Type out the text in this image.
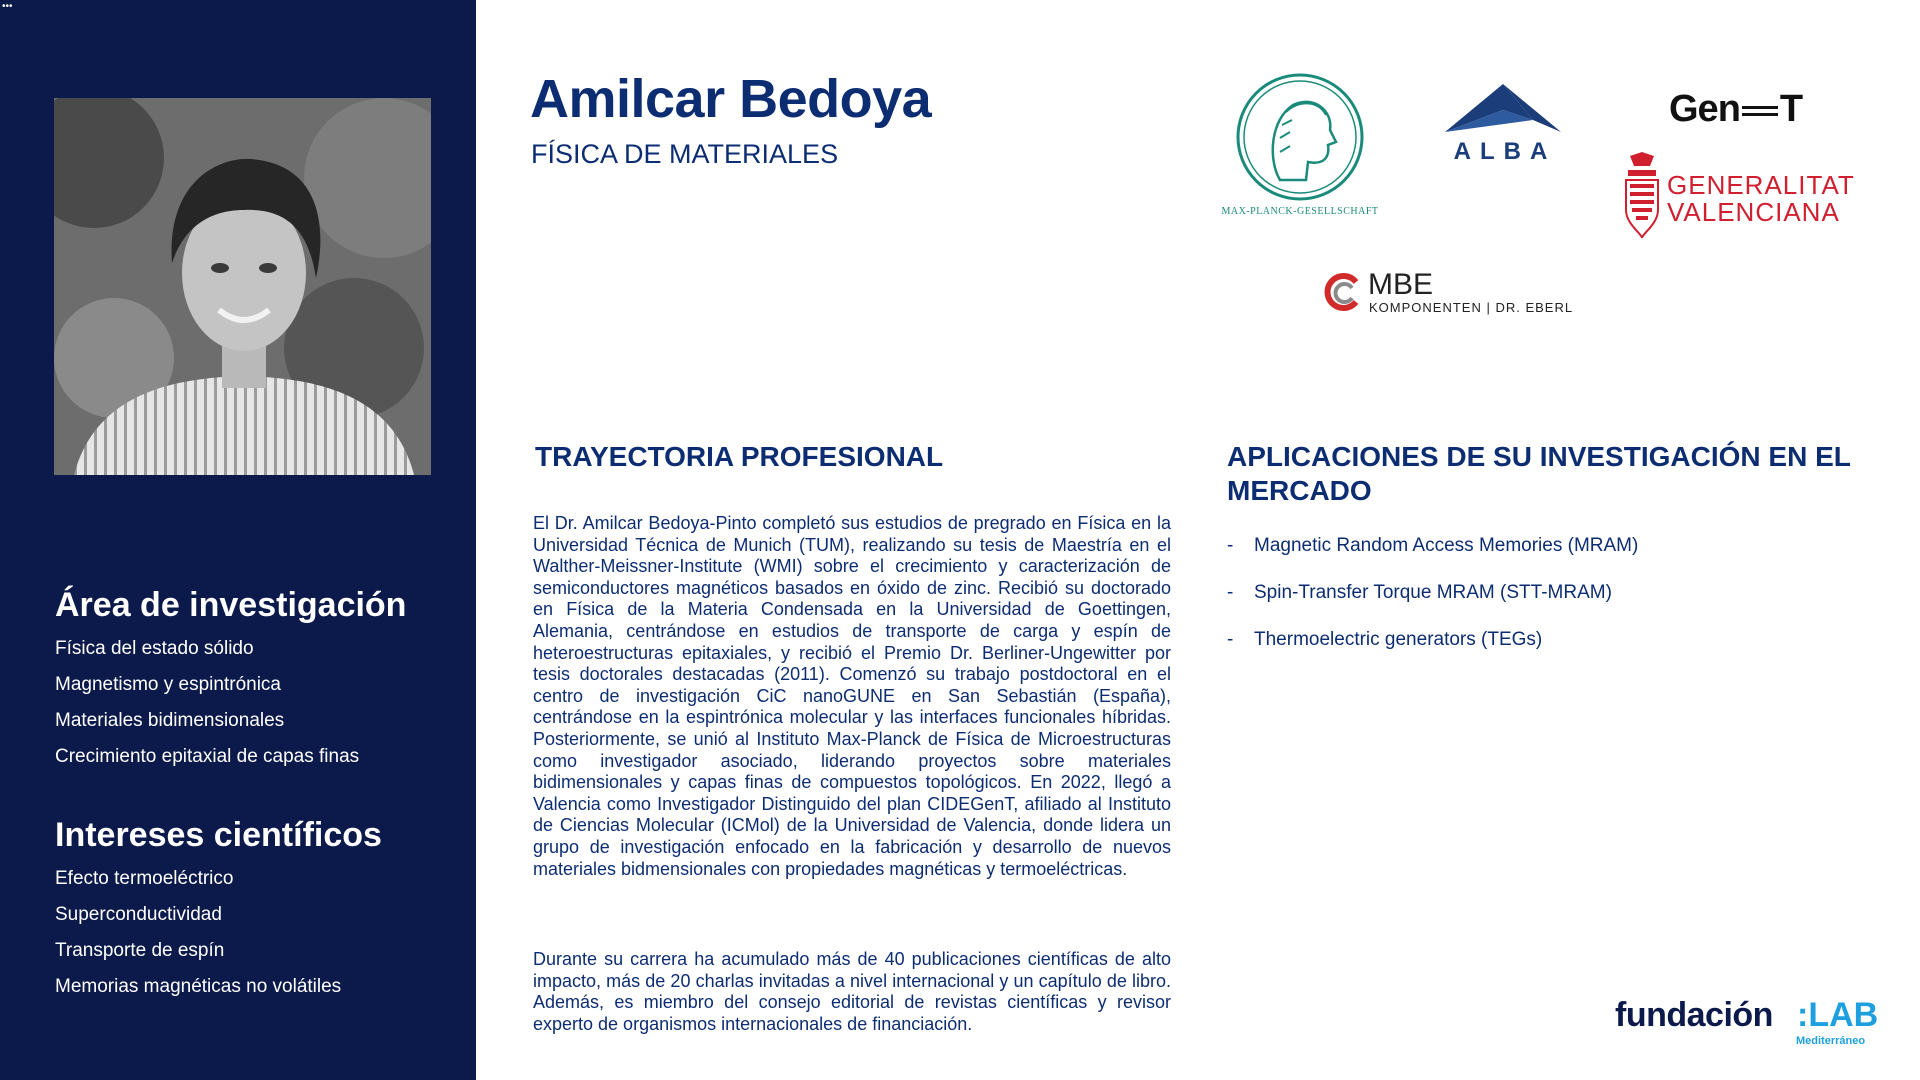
•••
Área de investigación
Física del estado sólido
Magnetismo y espintrónica
Materiales bidimensionales
Crecimiento epitaxial de capas finas
Intereses científicos
Efecto termoeléctrico
Superconductividad
Transporte de espín
Memorias magnéticas no volátiles
Amilcar Bedoya
FÍSICA DE MATERIALES
MAX-PLANCK-GESELLSCHAFT
ALBA
Gen T
GENERALITAT
VALENCIANA
MBE
KOMPONENTEN | DR. EBERL
TRAYECTORIA PROFESIONAL

El Dr. Amilcar Bedoya-Pinto completó sus estudios de pregrado en Física en la Universidad Técnica de Munich (TUM), realizando su tesis de Maestría en el Walther-Meissner-Institute (WMI) sobre el crecimiento y caracterización de semiconductores magnéticos basados en óxido de zinc. Recibió su doctorado en Física de la Materia Condensada en la Universidad de Goettingen, Alemania, centrándose en estudios de transporte de carga y espín de heteroestructuras epitaxiales, y recibió el Premio Dr. Berliner-Ungewitter por tesis doctorales destacadas (2011). Comenzó su trabajo postdoctoral en el centro de investigación CiC nanoGUNE en San Sebastián (España), centrándose en la espintrónica molecular y las interfaces funcionales híbridas. Posteriormente, se unió al Instituto Max-Planck de Física de Microestructuras como investigador asociado, liderando proyectos sobre materiales bidimensionales y capas finas de compuestos topológicos. En 2022, llegó a Valencia como Investigador Distinguido del plan CIDEGenT, afiliado al Instituto de Ciencias Molecular (ICMol) de la Universidad de Valencia, donde lidera un grupo de investigación enfocado en la fabricación y desarrollo de nuevos materiales bidmensionales con propiedades magnéticas y termoeléctricas.

Durante su carrera ha acumulado más de 40 publicaciones científicas de alto impacto, más de 20 charlas invitadas a nivel internacional y un capítulo de libro. Además, es miembro del consejo editorial de revistas científicas y revisor experto de organismos internacionales de financiación.

APLICACIONES DE SU INVESTIGACIÓN EN EL MERCADO
- Magnetic Random Access Memories (MRAM)
- Spin-Transfer Torque MRAM (STT-MRAM)
- Thermoelectric generators (TEGs)
fundación :LAB
Mediterráneo
